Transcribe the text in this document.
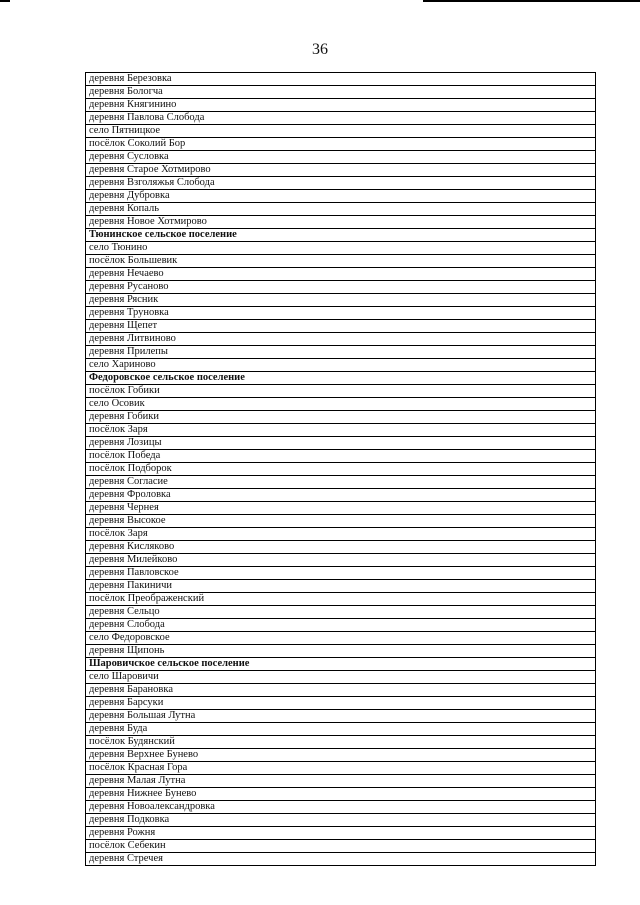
36
деревня Березовка
деревня Бологча
деревня Княгинино
деревня Павлова Слобода
село Пятницкое
посёлок Соколий Бор
деревня Сусловка
деревня Старое Хотмирово
деревня Взголяжья Слобода
деревня Дубровка
деревня Копаль
деревня Новое Хотмирово
Тюнинское сельское поселение
село Тюнино
посёлок Большевик
деревня Нечаево
деревня Русаново
деревня Рясник
деревня Труновка
деревня Щепет
деревня Литвиново
деревня Прилепы
село Хариново
Федоровское сельское поселение
посёлок Гобики
село Осовик
деревня Гобики
посёлок Заря
деревня Лозицы
посёлок Победа
посёлок Подборок
деревня Согласие
деревня Фроловка
деревня Чернея
деревня Высокое
посёлок Заря
деревня Кисляково
деревня Милейково
деревня Павловское
деревня Пакиничи
посёлок Преображенский
деревня Сельцо
деревня Слобода
село Федоровское
деревня Щипонь
Шаровичское сельское поселение
село Шаровичи
деревня Барановка
деревня Барсуки
деревня Большая Лутна
деревня Буда
посёлок Будянский
деревня Верхнее Бунево
посёлок Красная Гора
деревня Малая Лутна
деревня Нижнее Бунево
деревня Новоалександровка
деревня Подковка
деревня Рожня
посёлок Себекин
деревня Стречея
